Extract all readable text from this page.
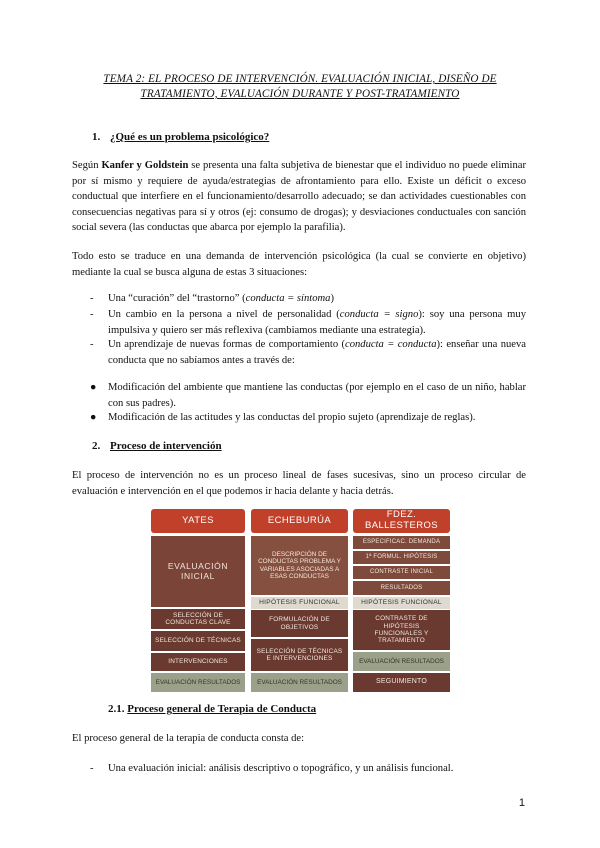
TEMA 2: EL PROCESO DE INTERVENCIÓN. EVALUACIÓN INICIAL, DISEÑO DE TRATAMIENTO, EVALUACIÓN DURANTE Y POST-TRATAMIENTO
1. ¿Qué es un problema psicológico?
Según Kanfer y Goldstein se presenta una falta subjetiva de bienestar que el individuo no puede eliminar por sí mismo y requiere de ayuda/estrategias de afrontamiento para ello. Existe un déficit o exceso conductual que interfiere en el funcionamiento/desarrollo adecuado; se dan actividades cuestionables con consecuencias negativas para sí y otros (ej: consumo de drogas); y desviaciones conductuales con sanción social severa (las conductas que abarca por ejemplo la parafilia).
Todo esto se traduce en una demanda de intervención psicológica (la cual se convierte en objetivo) mediante la cual se busca alguna de estas 3 situaciones:
- Una “curación” del “trastorno” (conducta = síntoma)
- Un cambio en la persona a nivel de personalidad (conducta = signo): soy una persona muy impulsiva y quiero ser más reflexiva (cambiamos mediante una estrategia).
- Un aprendizaje de nuevas formas de comportamiento (conducta = conducta): enseñar una nueva conducta que no sabíamos antes a través de:
● Modificación del ambiente que mantiene las conductas (por ejemplo en el caso de un niño, hablar con sus padres).
● Modificación de las actitudes y las conductas del propio sujeto (aprendizaje de reglas).
2. Proceso de intervención
El proceso de intervención no es un proceso lineal de fases sucesivas, sino un proceso circular de evaluación e intervención en el que podemos ir hacia delante y hacia detrás.
YATES	ECHEBURÚA	FDEZ. BALLESTEROS
EVALUACIÓN INICIAL
SELECCIÓN DE CONDUCTAS CLAVE
SELECCIÓN DE TÉCNICAS
INTERVENCIONES
EVALUACIÓN RESULTADOS
DESCRIPCIÓN DE CONDUCTAS PROBLEMA Y VARIABLES ASOCIADAS A ESAS CONDUCTAS
HIPÓTESIS FUNCIONAL
FORMULACIÓN DE OBJETIVOS
SELECCIÓN DE TÉCNICAS E INTERVENCIONES
EVALUACIÓN RESULTADOS
ESPECIFICAC. DEMANDA
1ª FORMUL. HIPÓTESIS
CONTRASTE INICIAL
RESULTADOS
HIPÓTESIS FUNCIONAL
CONTRASTE DE HIPÓTESIS FUNCIONALES Y TRATAMIENTO
EVALUACIÓN RESULTADOS
SEGUIMIENTO
2.1. Proceso general de Terapia de Conducta
El proceso general de la terapia de conducta consta de:
- Una evaluación inicial: análisis descriptivo o topográfico, y un análisis funcional.
1
